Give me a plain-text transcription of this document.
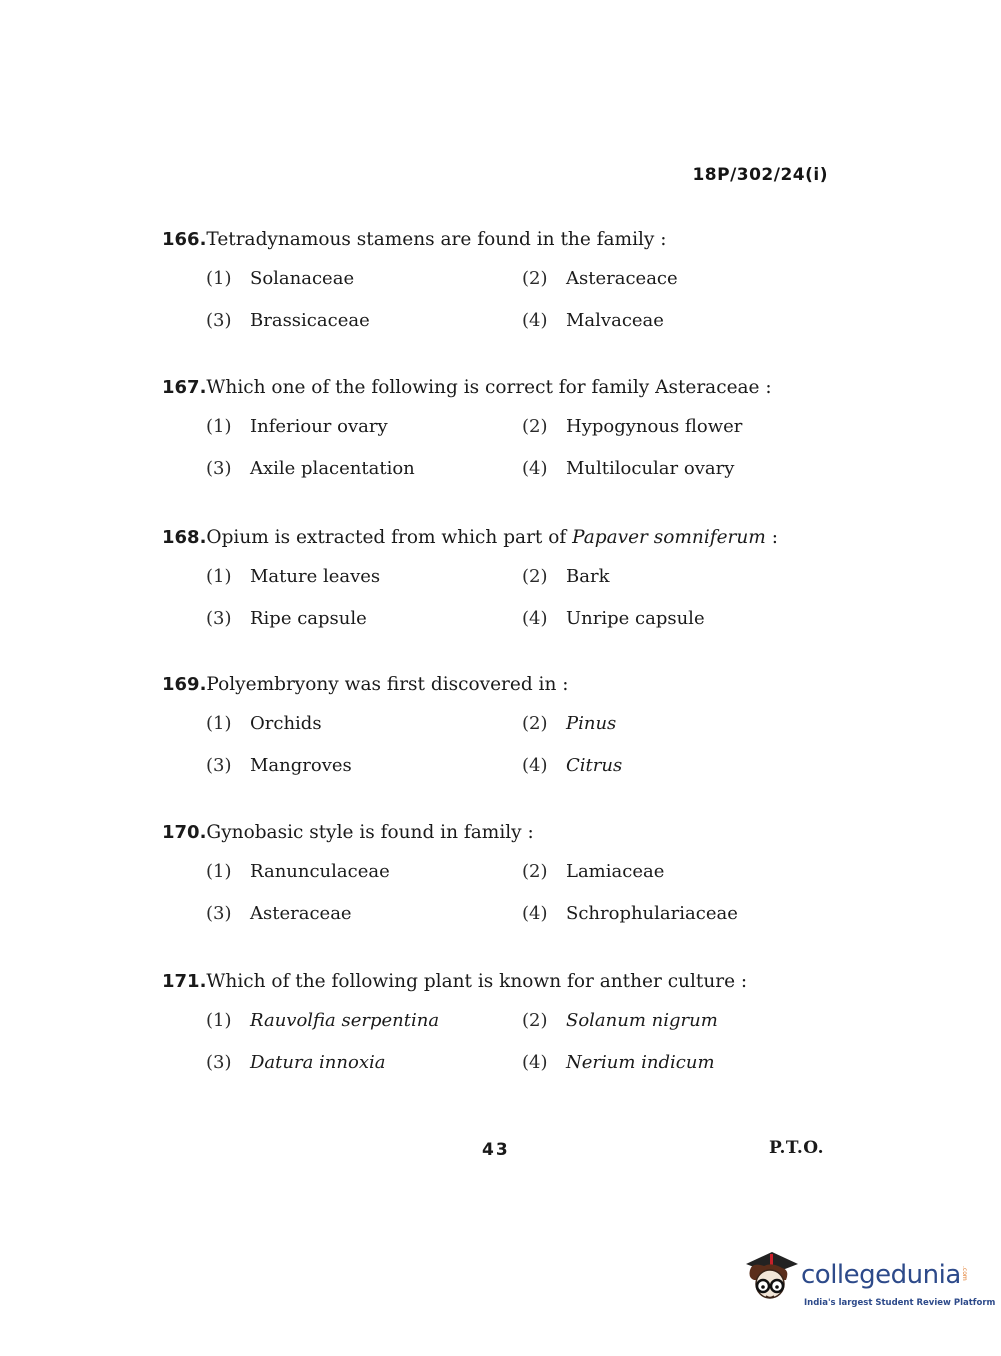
18P/302/24(i)
166.Tetradynamous stamens are found in the family :
(1) Solanaceae	(2) Asteraceace
(3) Brassicaceae	(4) Malvaceae
167.Which one of the following is correct for family Asteraceae :
(1) Inferiour ovary	(2) Hypogynous flower
(3) Axile placentation	(4) Multilocular ovary
168.Opium is extracted from which part of Papaver somniferum :
(1) Mature leaves	(2) Bark
(3) Ripe capsule	(4) Unripe capsule
169.Polyembryony was first discovered in :
(1) Orchids	(2) Pinus
(3) Mangroves	(4) Citrus
170.Gynobasic style is found in family :
(1) Ranunculaceae	(2) Lamiaceae
(3) Asteraceae	(4) Schrophulariaceae
171.Which of the following plant is known for anther culture :
(1) Rauvolfia serpentina	(2) Solanum nigrum
(3) Datura innoxia	(4) Nerium indicum
43	P.T.O.
collegedunia .com
India's largest Student Review Platform
